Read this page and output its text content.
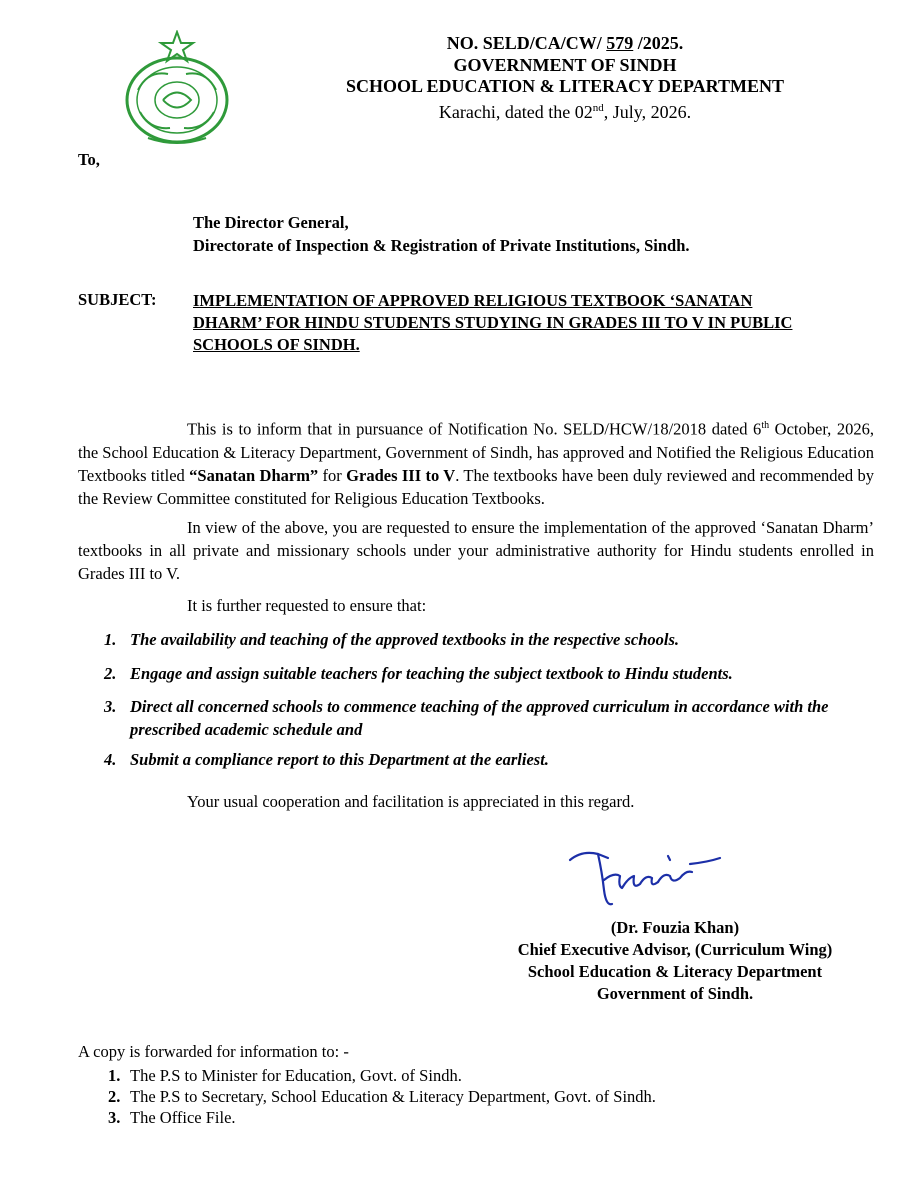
NO. SELD/CA/CW/ 579 /2025.
GOVERNMENT OF SINDH
SCHOOL EDUCATION & LITERACY DEPARTMENT
Karachi, dated the 02nd, July, 2026.
To,
The Director General,
Directorate of Inspection & Registration of Private Institutions, Sindh.
SUBJECT: IMPLEMENTATION OF APPROVED RELIGIOUS TEXTBOOK ‘SANATAN
DHARM’ FOR HINDU STUDENTS STUDYING IN GRADES III TO V IN PUBLIC
SCHOOLS OF SINDH.
This is to inform that in pursuance of Notification No. SELD/HCW/18/2018 dated 6th October, 2026, the School Education & Literacy Department, Government of Sindh, has approved and Notified the Religious Education Textbooks titled “Sanatan Dharm” for Grades III to V. The textbooks have been duly reviewed and recommended by the Review Committee constituted for Religious Education Textbooks.
In view of the above, you are requested to ensure the implementation of the approved ‘Sanatan Dharm’ textbooks in all private and missionary schools under your administrative authority for Hindu students enrolled in Grades III to V.
It is further requested to ensure that:
1. The availability and teaching of the approved textbooks in the respective schools.
2. Engage and assign suitable teachers for teaching the subject textbook to Hindu students.
3. Direct all concerned schools to commence teaching of the approved curriculum in accordance with the prescribed academic schedule and
4. Submit a compliance report to this Department at the earliest.
Your usual cooperation and facilitation is appreciated in this regard.
(Dr. Fouzia Khan)
Chief Executive Advisor, (Curriculum Wing)
School Education & Literacy Department
Government of Sindh.
A copy is forwarded for information to: -
1. The P.S to Minister for Education, Govt. of Sindh.
2. The P.S to Secretary, School Education & Literacy Department, Govt. of Sindh.
3. The Office File.
